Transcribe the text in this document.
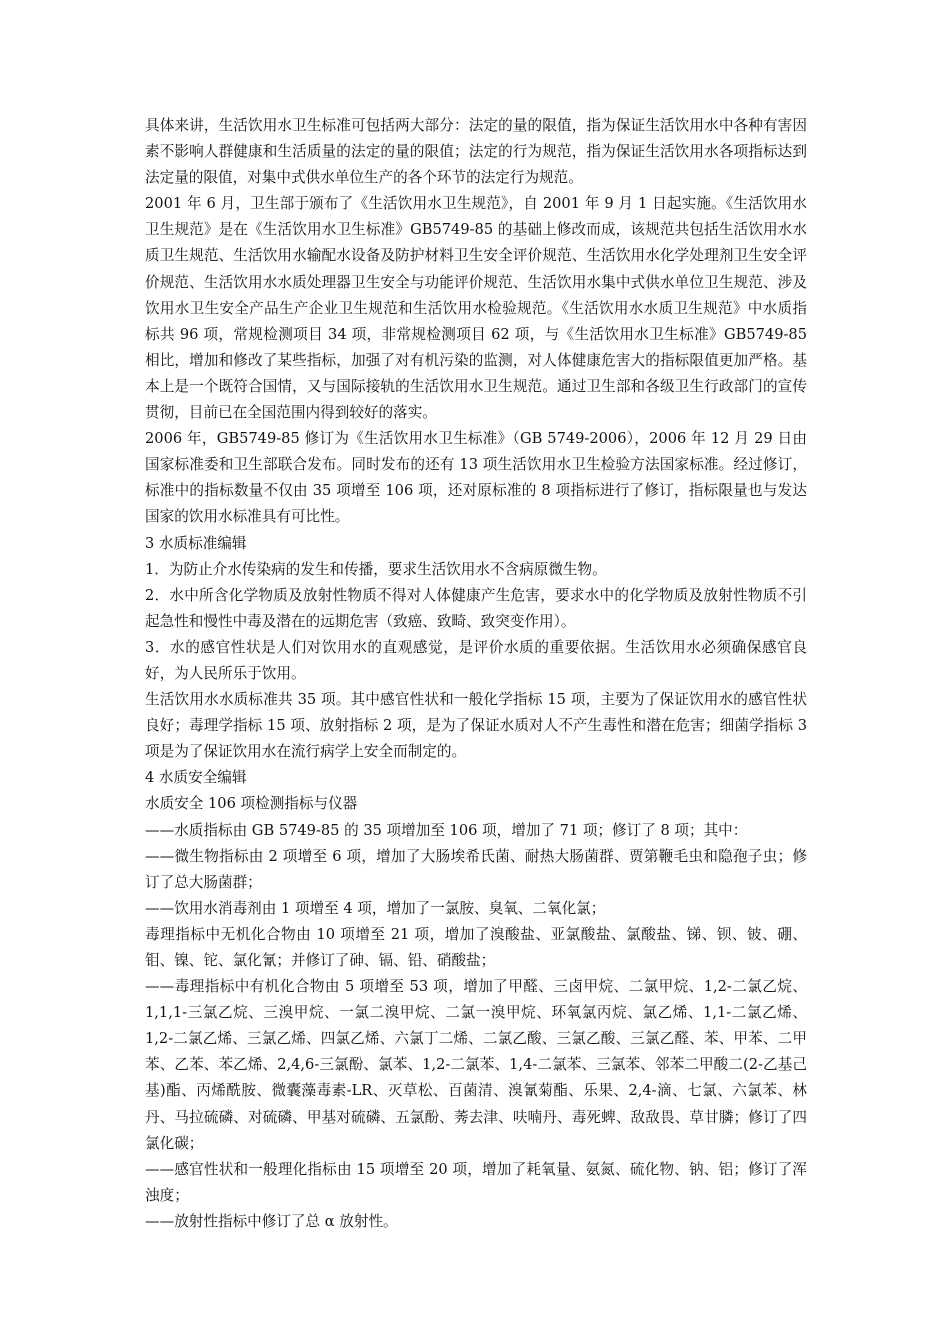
具体来讲，生活饮用水卫生标准可包括两大部分：法定的量的限值，指为保证生活饮用水中各种有害因素不影响人群健康和生活质量的法定的量的限值；法定的行为规范，指为保证生活饮用水各项指标达到法定量的限值，对集中式供水单位生产的各个环节的法定行为规范。

2001 年 6 月，卫生部于颁布了《生活饮用水卫生规范》，自 2001 年 9 月 1 日起实施。《生活饮用水卫生规范》是在《生活饮用水卫生标准》GB5749-85 的基础上修改而成，该规范共包括生活饮用水水质卫生规范、生活饮用水输配水设备及防护材料卫生安全评价规范、生活饮用水化学处理剂卫生安全评价规范、生活饮用水水质处理器卫生安全与功能评价规范、生活饮用水集中式供水单位卫生规范、涉及饮用水卫生安全产品生产企业卫生规范和生活饮用水检验规范。《生活饮用水水质卫生规范》中水质指标共 96 项，常规检测项目 34 项，非常规检测项目 62 项，与《生活饮用水卫生标准》GB5749-85 相比，增加和修改了某些指标，加强了对有机污染的监测，对人体健康危害大的指标限值更加严格。基本上是一个既符合国情，又与国际接轨的生活饮用水卫生规范。通过卫生部和各级卫生行政部门的宣传贯彻，目前已在全国范围内得到较好的落实。

2006 年，GB5749-85 修订为《生活饮用水卫生标准》（GB 5749-2006），2006 年 12 月 29 日由国家标准委和卫生部联合发布。同时发布的还有 13 项生活饮用水卫生检验方法国家标准。经过修订，标准中的指标数量不仅由 35 项增至 106 项，还对原标准的 8 项指标进行了修订，指标限量也与发达国家的饮用水标准具有可比性。

3 水质标准编辑

1．为防止介水传染病的发生和传播，要求生活饮用水不含病原微生物。

2．水中所含化学物质及放射性物质不得对人体健康产生危害，要求水中的化学物质及放射性物质不引起急性和慢性中毒及潜在的远期危害（致癌、致畸、致突变作用）。

3．水的感官性状是人们对饮用水的直观感觉，是评价水质的重要依据。生活饮用水必须确保感官良好，为人民所乐于饮用。

生活饮用水水质标准共 35 项。其中感官性状和一般化学指标 15 项，主要为了保证饮用水的感官性状良好；毒理学指标 15 项、放射指标 2 项，是为了保证水质对人不产生毒性和潜在危害；细菌学指标 3 项是为了保证饮用水在流行病学上安全而制定的。

4 水质安全编辑

水质安全 106 项检测指标与仪器

——水质指标由 GB 5749-85 的 35 项增加至 106 项，增加了 71 项；修订了 8 项；其中：

——微生物指标由 2 项增至 6 项，增加了大肠埃希氏菌、耐热大肠菌群、贾第鞭毛虫和隐孢子虫；修订了总大肠菌群；

——饮用水消毒剂由 1 项增至 4 项，增加了一氯胺、臭氧、二氧化氯；

毒理指标中无机化合物由 10 项增至 21 项，增加了溴酸盐、亚氯酸盐、氯酸盐、锑、钡、铍、硼、钼、镍、铊、氯化氰；并修订了砷、镉、铅、硝酸盐；

——毒理指标中有机化合物由 5 项增至 53 项，增加了甲醛、三卤甲烷、二氯甲烷、1,2-二氯乙烷、1,1,1-三氯乙烷、三溴甲烷、一氯二溴甲烷、二氯一溴甲烷、环氧氯丙烷、氯乙烯、1,1-二氯乙烯、1,2-二氯乙烯、三氯乙烯、四氯乙烯、六氯丁二烯、二氯乙酸、三氯乙酸、三氯乙醛、苯、甲苯、二甲苯、乙苯、苯乙烯、2,4,6-三氯酚、氯苯、1,2-二氯苯、1,4-二氯苯、三氯苯、邻苯二甲酸二(2-乙基己基)酯、丙烯酰胺、微囊藻毒素-LR、灭草松、百菌清、溴氰菊酯、乐果、2,4-滴、七氯、六氯苯、林丹、马拉硫磷、对硫磷、甲基对硫磷、五氯酚、莠去津、呋喃丹、毒死蜱、敌敌畏、草甘膦；修订了四氯化碳；

——感官性状和一般理化指标由 15 项增至 20 项，增加了耗氧量、氨氮、硫化物、钠、铝；修订了浑浊度；

——放射性指标中修订了总 α 放射性。
